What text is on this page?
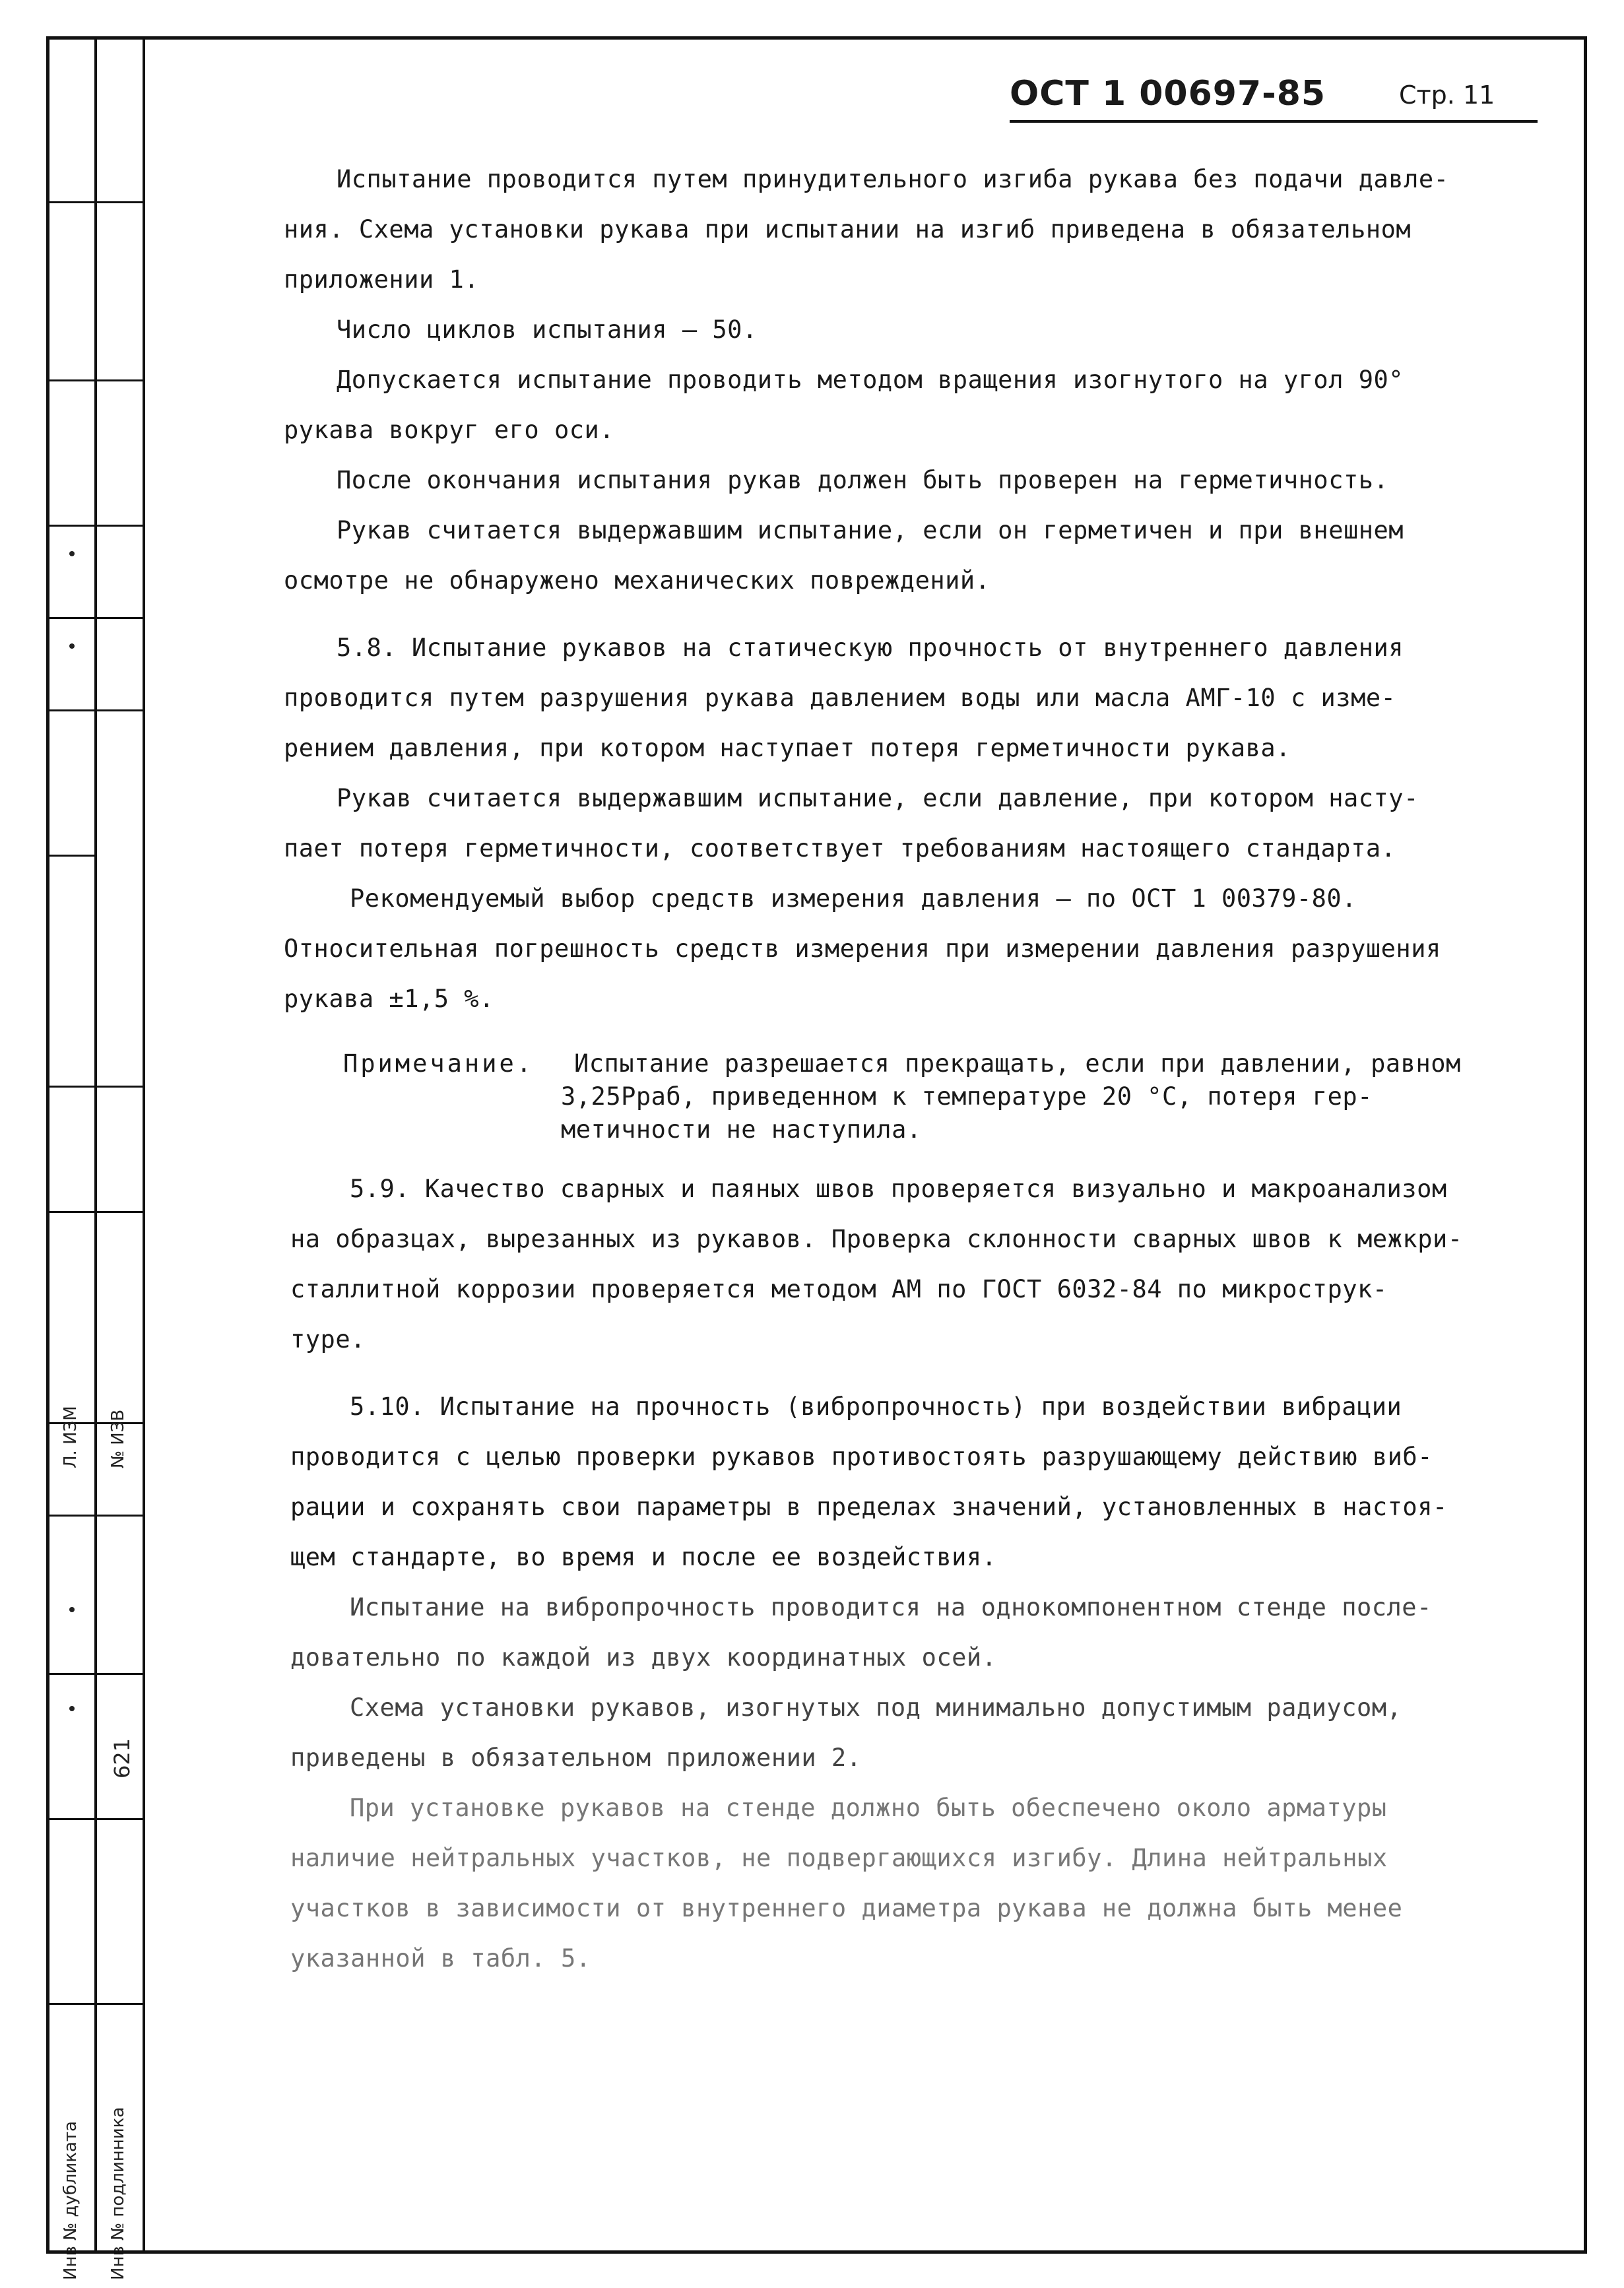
Л. ИЗМ № ИЗВ
621
Инв № дубликата Инв № подлинника
ОСТ 1 00697-85	Стр. 11
Испытание проводится путем принудительного изгиба рукава без подачи давле-
ния. Схема установки рукава при испытании на изгиб приведена в обязательном
приложении 1.
Число циклов испытания – 50.
Допускается испытание проводить методом вращения изогнутого на угол 90°
рукава вокруг его оси.
После окончания испытания рукав должен быть проверен на герметичность.
Рукав считается выдержавшим испытание, если он герметичен и при внешнем
осмотре не обнаружено механических повреждений.
5.8. Испытание рукавов на статическую прочность от внутреннего давления
проводится путем разрушения рукава давлением воды или масла АМГ-10 с изме-
рением давления, при котором наступает потеря герметичности рукава.
Рукав считается выдержавшим испытание, если давление, при котором насту-
пает потеря герметичности, соответствует требованиям настоящего стандарта.
Рекомендуемый выбор средств измерения давления – по ОСТ 1 00379-80.
Относительная погрешность средств измерения при измерении давления разрушения
рукава ±1,5 %.
Примечание. Испытание разрешается прекращать, если при давлении, равном
3,25Pраб, приведенном к температуре 20 °С, потеря гер-
метичности не наступила.
5.9. Качество сварных и паяных швов проверяется визуально и макроанализом
на образцах, вырезанных из рукавов. Проверка склонности сварных швов к межкри-
сталлитной коррозии проверяется методом АМ по ГОСТ 6032-84 по микрострук-
туре.
5.10. Испытание на прочность (вибропрочность) при воздействии вибрации
проводится с целью проверки рукавов противостоять разрушающему действию виб-
рации и сохранять свои параметры в пределах значений, установленных в настоя-
щем стандарте, во время и после ее воздействия.
Испытание на вибропрочность проводится на однокомпонентном стенде после-
довательно по каждой из двух координатных осей.
Схема установки рукавов, изогнутых под минимально допустимым радиусом,
приведены в обязательном приложении 2.
При установке рукавов на стенде должно быть обеспечено около арматуры
наличие нейтральных участков, не подвергающихся изгибу. Длина нейтральных
участков в зависимости от внутреннего диаметра рукава не должна быть менее
указанной в табл. 5.
